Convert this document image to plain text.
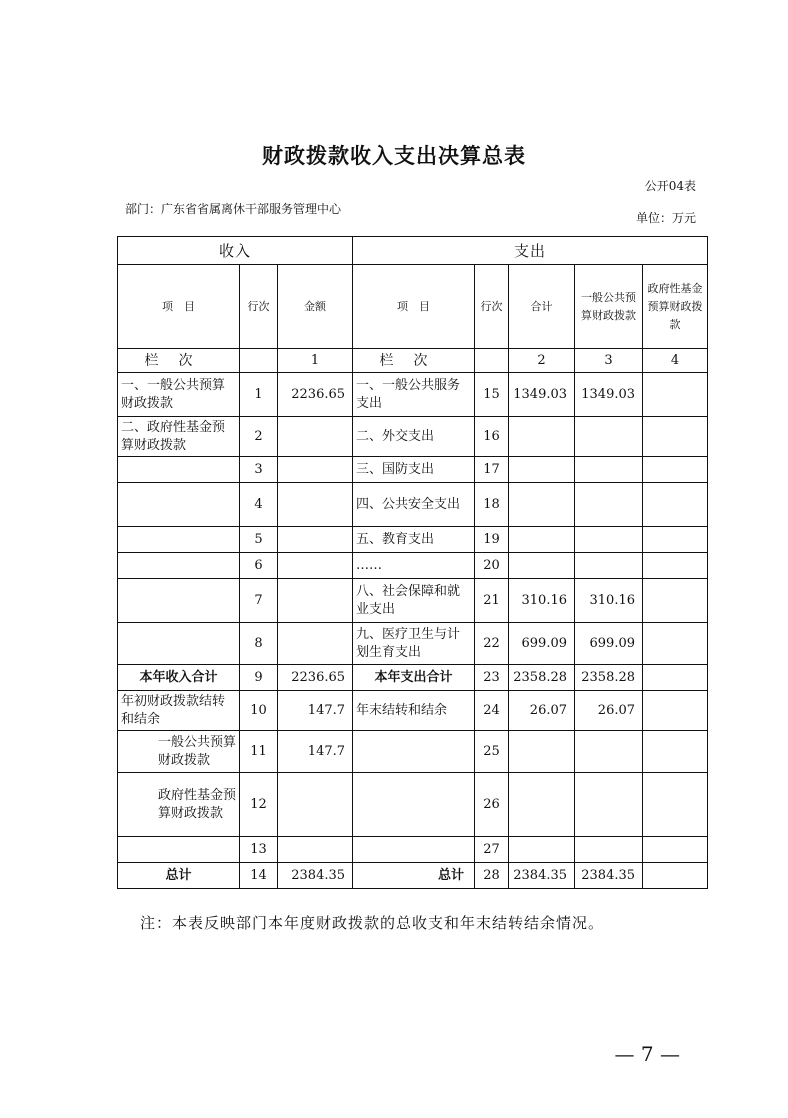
财政拨款收入支出决算总表
公开04表
部门：广东省省属离休干部服务管理中心
单位：万元
收入			支出				
项　目	行次	金额	项　目	行次	合计	一般公共预算财政拨款	政府性基金预算财政拨款
栏次		1	栏次		2	3	4
一、一般公共预算财政拨款	1	2236.65	一、一般公共服务支出	15	1349.03	1349.03	
二、政府性基金预算财政拨款	2		二、外交支出	16			
	3		三、国防支出	17			
	4		四、公共安全支出	18			
	5		五、教育支出	19			
	6		……	20			
	7		八、社会保障和就业支出	21	310.16	310.16	
	8		九、医疗卫生与计划生育支出	22	699.09	699.09	
本年收入合计	9	2236.65	本年支出合计	23	2358.28	2358.28	
年初财政拨款结转和结余	10	147.7	年末结转和结余	24	26.07	26.07	
一般公共预算财政拨款	11	147.7		25			
政府性基金预算财政拨款	12			26			
	13			27			
总计	14	2384.35	总计	28	2384.35	2384.35	
注：本表反映部门本年度财政拨款的总收支和年末结转结余情况。
— 7 —
